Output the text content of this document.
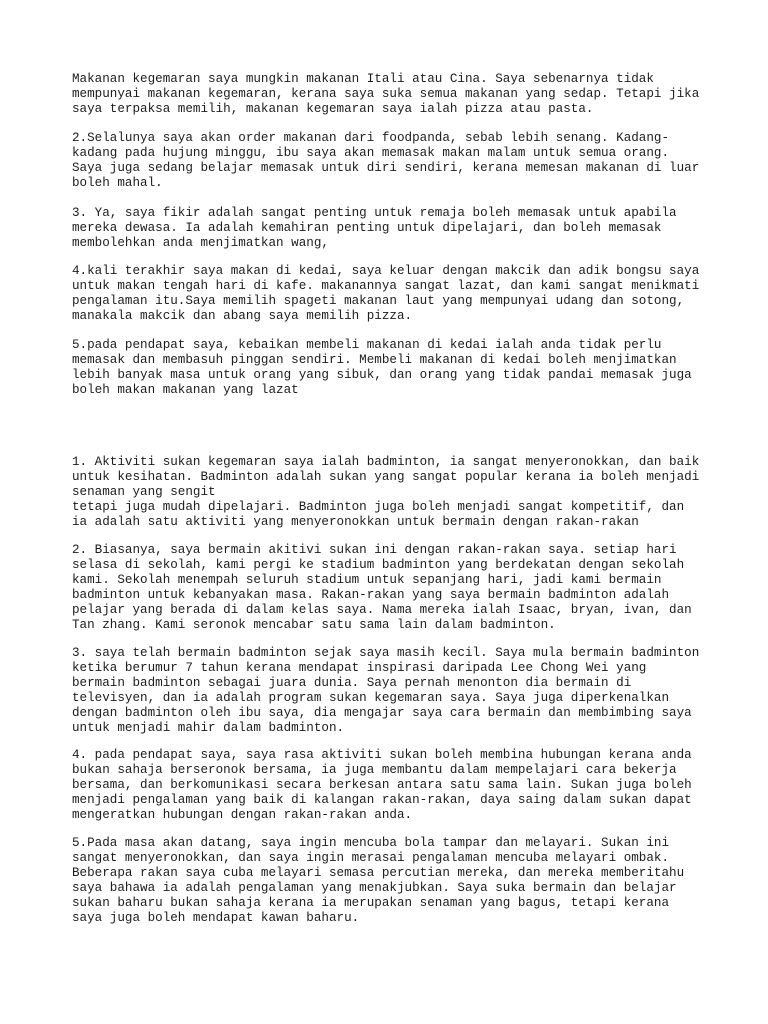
Makanan kegemaran saya mungkin makanan Itali atau Cina. Saya sebenarnya tidak

mempunyai makanan kegemaran, kerana saya suka semua makanan yang sedap. Tetapi jika

saya terpaksa memilih, makanan kegemaran saya ialah pizza atau pasta.

2.Selalunya saya akan order makanan dari foodpanda, sebab lebih senang. Kadang-

kadang pada hujung minggu, ibu saya akan memasak makan malam untuk semua orang.

Saya juga sedang belajar memasak untuk diri sendiri, kerana memesan makanan di luar

boleh mahal.

3. Ya, saya fikir adalah sangat penting untuk remaja boleh memasak untuk apabila

mereka dewasa. Ia adalah kemahiran penting untuk dipelajari, dan boleh memasak

membolehkan anda menjimatkan wang,

4.kali terakhir saya makan di kedai, saya keluar dengan makcik dan adik bongsu saya

untuk makan tengah hari di kafe. makanannya sangat lazat, dan kami sangat menikmati

pengalaman itu.Saya memilih spageti makanan laut yang mempunyai udang dan sotong,

manakala makcik dan abang saya memilih pizza.

5.pada pendapat saya, kebaikan membeli makanan di kedai ialah anda tidak perlu

memasak dan membasuh pinggan sendiri. Membeli makanan di kedai boleh menjimatkan

lebih banyak masa untuk orang yang sibuk, dan orang yang tidak pandai memasak juga

boleh makan makanan yang lazat

1. Aktiviti sukan kegemaran saya ialah badminton, ia sangat menyeronokkan, dan baik

untuk kesihatan. Badminton adalah sukan yang sangat popular kerana ia boleh menjadi

senaman yang sengit

tetapi juga mudah dipelajari. Badminton juga boleh menjadi sangat kompetitif, dan

ia adalah satu aktiviti yang menyeronokkan untuk bermain dengan rakan-rakan

2. Biasanya, saya bermain akitivi sukan ini dengan rakan-rakan saya. setiap hari

selasa di sekolah, kami pergi ke stadium badminton yang berdekatan dengan sekolah

kami. Sekolah menempah seluruh stadium untuk sepanjang hari, jadi kami bermain

badminton untuk kebanyakan masa. Rakan-rakan yang saya bermain badminton adalah

pelajar yang berada di dalam kelas saya. Nama mereka ialah Isaac, bryan, ivan, dan

Tan zhang. Kami seronok mencabar satu sama lain dalam badminton.

3. saya telah bermain badminton sejak saya masih kecil. Saya mula bermain badminton

ketika berumur 7 tahun kerana mendapat inspirasi daripada Lee Chong Wei yang

bermain badminton sebagai juara dunia. Saya pernah menonton dia bermain di

televisyen, dan ia adalah program sukan kegemaran saya. Saya juga diperkenalkan

dengan badminton oleh ibu saya, dia mengajar saya cara bermain dan membimbing saya

untuk menjadi mahir dalam badminton.

4. pada pendapat saya, saya rasa aktiviti sukan boleh membina hubungan kerana anda

bukan sahaja berseronok bersama, ia juga membantu dalam mempelajari cara bekerja

bersama, dan berkomunikasi secara berkesan antara satu sama lain. Sukan juga boleh

menjadi pengalaman yang baik di kalangan rakan-rakan, daya saing dalam sukan dapat

mengeratkan hubungan dengan rakan-rakan anda.

5.Pada masa akan datang, saya ingin mencuba bola tampar dan melayari. Sukan ini

sangat menyeronokkan, dan saya ingin merasai pengalaman mencuba melayari ombak.

Beberapa rakan saya cuba melayari semasa percutian mereka, dan mereka memberitahu

saya bahawa ia adalah pengalaman yang menakjubkan. Saya suka bermain dan belajar

sukan baharu bukan sahaja kerana ia merupakan senaman yang bagus, tetapi kerana

saya juga boleh mendapat kawan baharu.
